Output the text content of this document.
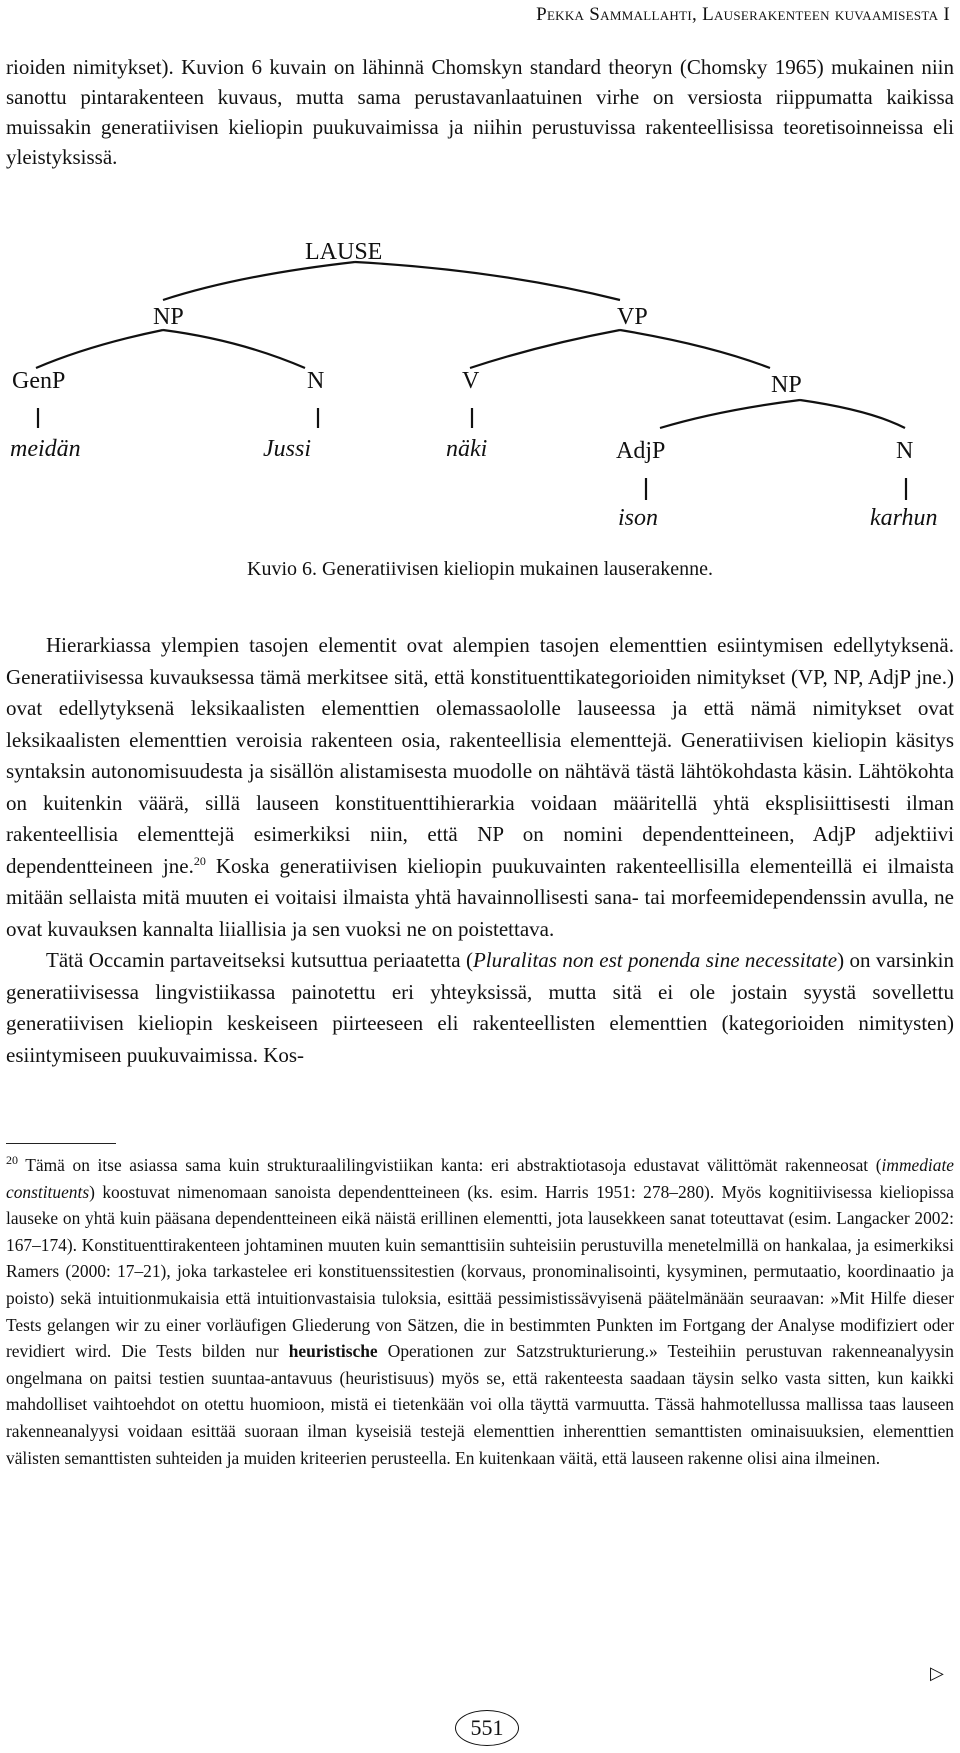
Pekka Sammallahti, Lauserakenteen kuvaamisesta I
rioiden nimitykset). Kuvion 6 kuvain on lähinnä Chomskyn standard theoryn (Chomsky 1965) mukainen niin sanottu pintarakenteen kuvaus, mutta sama perustavanlaatuinen virhe on versiosta riippumatta kaikissa muissakin generatiivisen kieliopin puukuvaimissa ja niihin perustuvissa rakenteellisissa teoretisoinneissa eli yleistyksissä.
LAUSE
NP	VP
GenP	N	V	NP
AdjP	N
meidän	Jussi	näki
ison	karhun
Kuvio 6. Generatiivisen kieliopin mukainen lauserakenne.

Hierarkiassa ylempien tasojen elementit ovat alempien tasojen elementtien esiintymisen edellytyksenä. Generatiivisessa kuvauksessa tämä merkitsee sitä, että konstituenttikategorioiden nimitykset (VP, NP, AdjP jne.) ovat edellytyksenä leksikaalisten elementtien olemassaololle lauseessa ja että nämä nimitykset ovat leksikaalisten elementtien veroisia rakenteen osia, rakenteellisia elementtejä. Generatiivisen kieliopin käsitys syntaksin autonomisuudesta ja sisällön alistamisesta muodolle on nähtävä tästä lähtökohdasta käsin. Lähtökohta on kuitenkin väärä, sillä lauseen konstituenttihierarkia voidaan määritellä yhtä eksplisiittisesti ilman rakenteellisia elementtejä esimerkiksi niin, että NP on nomini dependentteineen, AdjP adjektiivi dependentteineen jne.$^{20}$ Koska generatiivisen kieliopin puukuvainten rakenteellisilla elementeillä ei ilmaista mitään sellaista mitä muuten ei voitaisi ilmaista yhtä havainnollisesti sana- tai morfeemidependenssin avulla, ne ovat kuvauksen kannalta liiallisia ja sen vuoksi ne on poistettava.

Tätä Occamin partaveitseksi kutsuttua periaatetta (Pluralitas non est ponenda sine necessitate) on varsinkin generatiivisessa lingvistiikassa painotettu eri yhteyksissä, mutta sitä ei ole jostain syystä sovellettu generatiivisen kieliopin keskeiseen piirteeseen eli rakenteellisten elementtien (kategorioiden nimitysten) esiintymiseen puukuvaimissa. Kos-

$^{20}$ Tämä on itse asiassa sama kuin strukturaalilingvistiikan kanta: eri abstraktiotasoja edustavat välittömät rakenneosat (immediate constituents) koostuvat nimenomaan sanoista dependentteineen (ks. esim. Harris 1951: 278–280). Myös kognitiivisessa kieliopissa lauseke on yhtä kuin pääsana dependentteineen eikä näistä erillinen elementti, jota lausekkeen sanat toteuttavat (esim. Langacker 2002: 167–174). Konstituenttirakenteen johtaminen muuten kuin semanttisiin suhteisiin perustuvilla menetelmillä on hankalaa, ja esimerkiksi Ramers (2000: 17–21), joka tarkastelee eri konstituenssitestien (korvaus, pronominalisointi, kysyminen, permutaatio, koordinaatio ja poisto) sekä intuitionmukaisia että intuitionvastaisia tuloksia, esittää pessimistissävyisenä päätelmänään seuraavan: »Mit Hilfe dieser Tests gelangen wir zu einer vorläufigen Gliederung von Sätzen, die in bestimmten Punkten im Fortgang der Analyse modifiziert oder revidiert wird. Die Tests bilden nur heuristische Operationen zur Satzstrukturierung.» Testeihiin perustuvan rakenneanalyysin ongelmana on paitsi testien suuntaa-antavuus (heuristisuus) myös se, että rakenteesta saadaan täysin selko vasta sitten, kun kaikki mahdolliset vaihtoehdot on otettu huomioon, mistä ei tietenkään voi olla täyttä varmuutta. Tässä hahmotellussa mallissa taas lauseen rakenneanalyysi voidaan esittää suoraan ilman kyseisiä testejä elementtien inherenttien semanttisten ominaisuuksien, elementtien välisten semanttisten suhteiden ja muiden kriteerien perusteella. En kuitenkaan väitä, että lauseen rakenne olisi aina ilmeinen.
▷
551
